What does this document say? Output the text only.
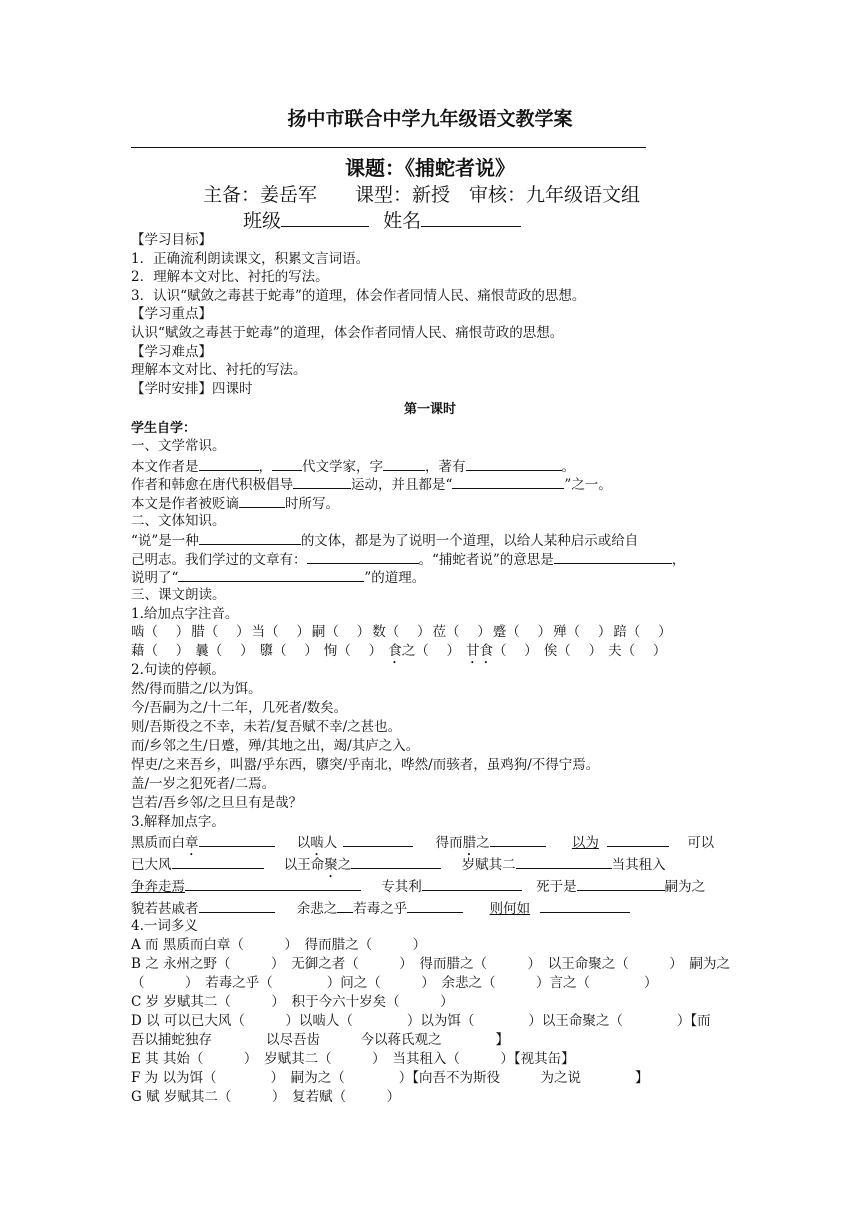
扬中市联合中学九年级语文教学案
课题：《捕蛇者说》
主备：姜岳军　　课型：新授　审核：九年级语文组
班级	姓名
【学习目标】
1．正确流利朗读课文，积累文言词语。
2．理解本文对比、衬托的写法。
3．认识“赋敛之毒甚于蛇毒”的道理，体会作者同情人民、痛恨苛政的思想。
【学习重点】
认识“赋敛之毒甚于蛇毒”的道理，体会作者同情人民、痛恨苛政的思想。
【学习难点】
理解本文对比、衬托的写法。
【学时安排】四课时
第一课时
学生自学：
一、文学常识。
本文作者是	， 代文学家，字	，著有	。
作者和韩愈在唐代积极倡导	运动，并且都是“	”之一。
本文是作者被贬谪	时所写。
二、文体知识。
“说”是一种	的文体，都是为了说明一个道理，以给人某种启示或给自
己明志。我们学过的文章有：	。“捕蛇者说”的意思是	，
说明了“	”的道理。
三、课文朗读。
1.给加点字注音。
啮（　 ） 腊（　 ） 当（　 ） 嗣（　 ） 数（　 ） 莅（　 ） 蹙（　 ） 殚（　 ） 踣（　 ）
藉（　 ） 曩（　 ） 隳（　 ） 恂（　 ） 食之（　 ） 甘食（　 ） 俟（　 ） 夫（　 ）
2.句读的停顿。
然/得而腊之/以为饵。
今/吾嗣为之/十二年，几死者/数矣。
则/吾斯役之不幸，未若/复吾赋不幸/之甚也。
而/乡邻之生/日蹙，殚/其地之出，竭/其庐之入。
悍吏/之来吾乡，叫嚣/乎东西，隳突/乎南北，哗然/而骇者，虽鸡狗/不得宁焉。
盖/一岁之犯死者/二焉。
岂若/吾乡邻/之旦旦有是哉？
3.解释加点字。
黑质而白章	以啮人	得而腊之	以为	可以
已大风	以王命聚之	岁赋其二	当其租入
争奔走焉	专其利	死于是	嗣为之
貌若甚戚者	余悲之 若毒之乎	则何如
4.一词多义
A 而 黑质而白章（　　　）　得而腊之（　　　）
B 之 永州之野（　　　）　无御之者（　　　）　得而腊之（　　　）　以王命聚之（　　　）　嗣为之
（　　　）　若毒之乎（　　　　）问之（　　　）　余悲之（　　　）言之（　　　　）
C 岁 岁赋其二（　　　）　积于今六十岁矣（　　　）
D 以 可以已大风（　　　）以啮人（　　　　）以为饵（　　　　）以王命聚之（　　　　）【而
吾以捕蛇独存　　　　以尽吾齿　　　今以蒋氏观之　　　　】
E 其 其始（　　　）　岁赋其二（　　　）　当其租入（　　　）【视其缶】
F 为 以为饵（　　　　）　嗣为之（　　　　）【向吾不为斯役　　　为之说　　　　】
G 赋 岁赋其二（　　　）　复若赋（　　　）
